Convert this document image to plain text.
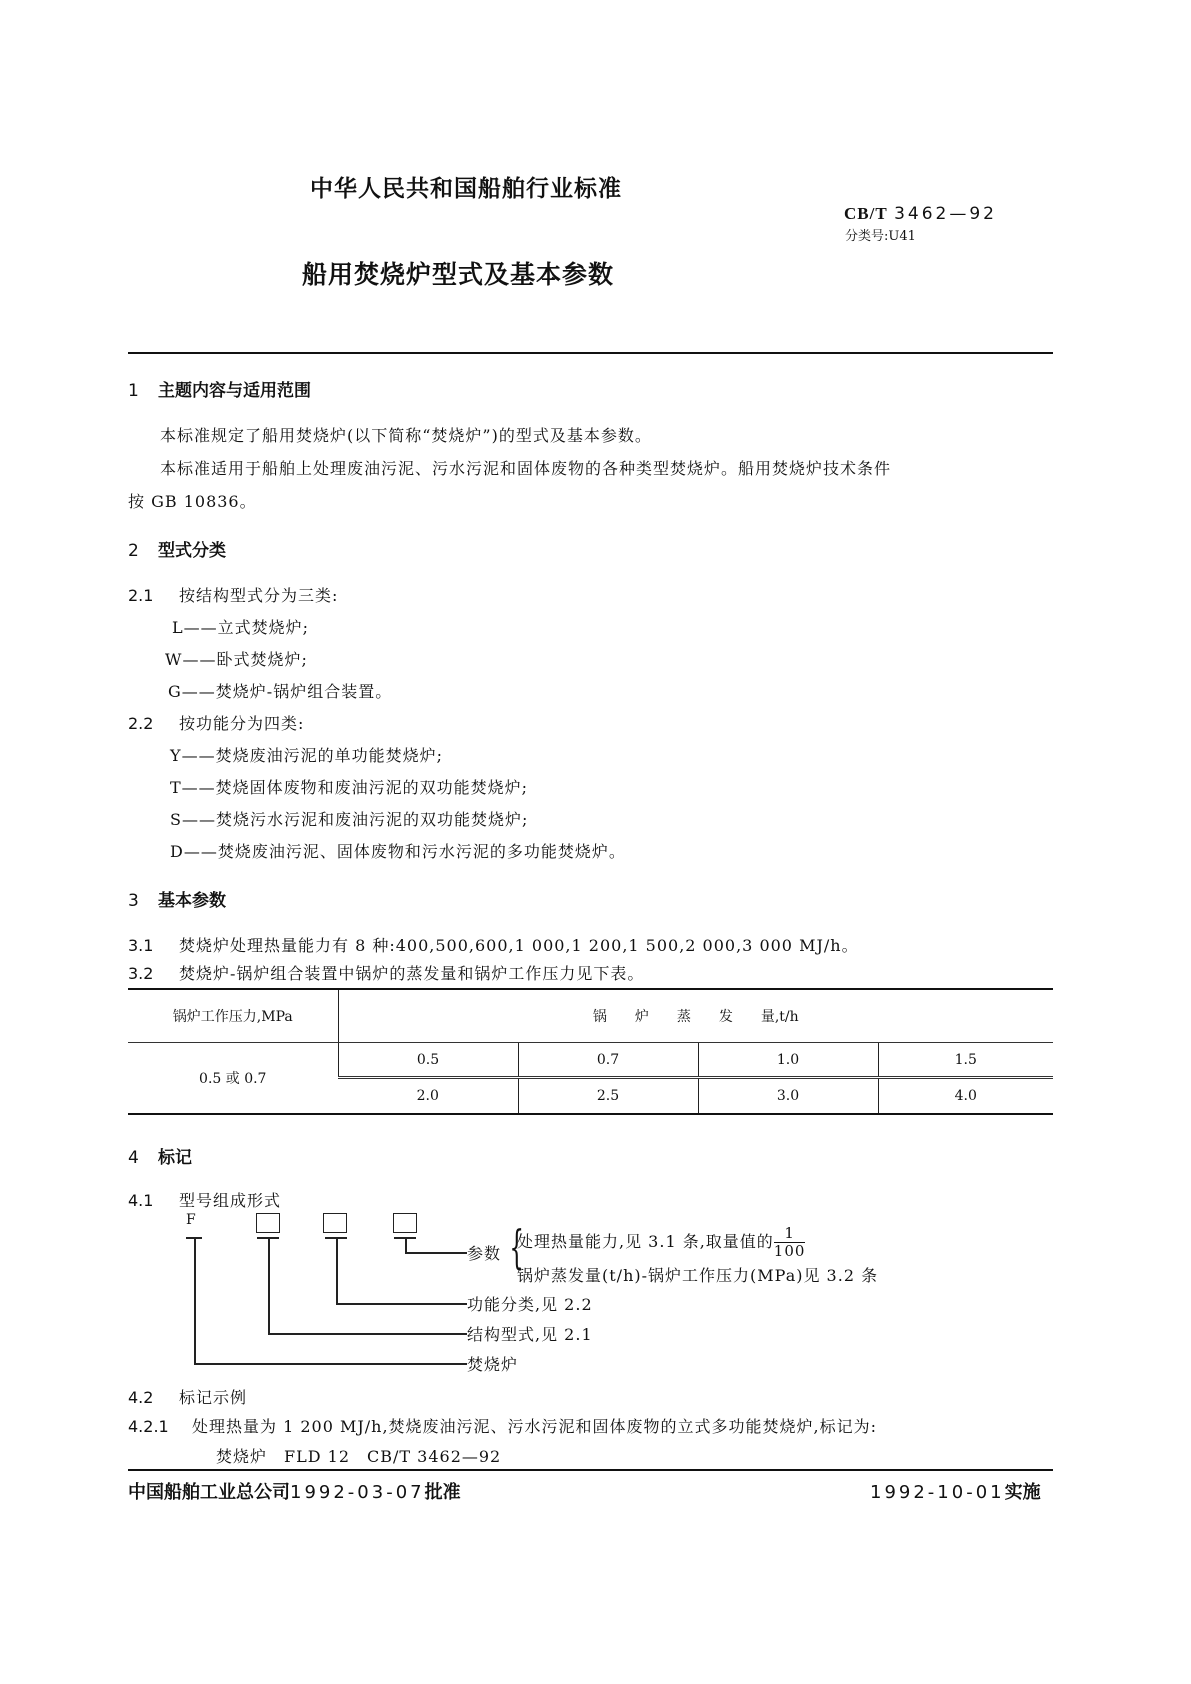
中华人民共和国船舶行业标准
CB/T 3462—92
分类号:U41
船用焚烧炉型式及基本参数
1 主题内容与适用范围
本标准规定了船用焚烧炉(以下简称“焚烧炉”)的型式及基本参数。
本标准适用于船舶上处理废油污泥、污水污泥和固体废物的各种类型焚烧炉。船用焚烧炉技术条件
按 GB 10836。
2 型式分类
2.1 按结构型式分为三类:
L——立式焚烧炉;
W——卧式焚烧炉;
G——焚烧炉-锅炉组合装置。
2.2 按功能分为四类:
Y——焚烧废油污泥的单功能焚烧炉;
T——焚烧固体废物和废油污泥的双功能焚烧炉;
S——焚烧污水污泥和废油污泥的双功能焚烧炉;
D——焚烧废油污泥、固体废物和污水污泥的多功能焚烧炉。
3 基本参数
3.1 焚烧炉处理热量能力有 8 种:400,500,600,1 000,1 200,1 500,2 000,3 000 MJ/h。
3.2 焚烧炉-锅炉组合装置中锅炉的蒸发量和锅炉工作压力见下表。
锅炉工作压力,MPa	锅　　炉　　蒸　　发　　量,t/h			
0.5 或 0.7	0.5	0.7	1.0	1.5
	2.0	2.5	3.0	4.0
4 标记
4.1 型号组成形式
F
参数 {
处理热量能力,见 3.1 条,取量值的 $\frac{1}{100}$
锅炉蒸发量(t/h)-锅炉工作压力(MPa)见 3.2 条
功能分类,见 2.2
结构型式,见 2.1
焚烧炉
4.2 标记示例
4.2.1 处理热量为 1 200 MJ/h,焚烧废油污泥、污水污泥和固体废物的立式多功能焚烧炉,标记为:
焚烧炉　FLD 12　CB/T 3462—92
中国船舶工业总公司1992-03-07批准	1992-10-01实施
